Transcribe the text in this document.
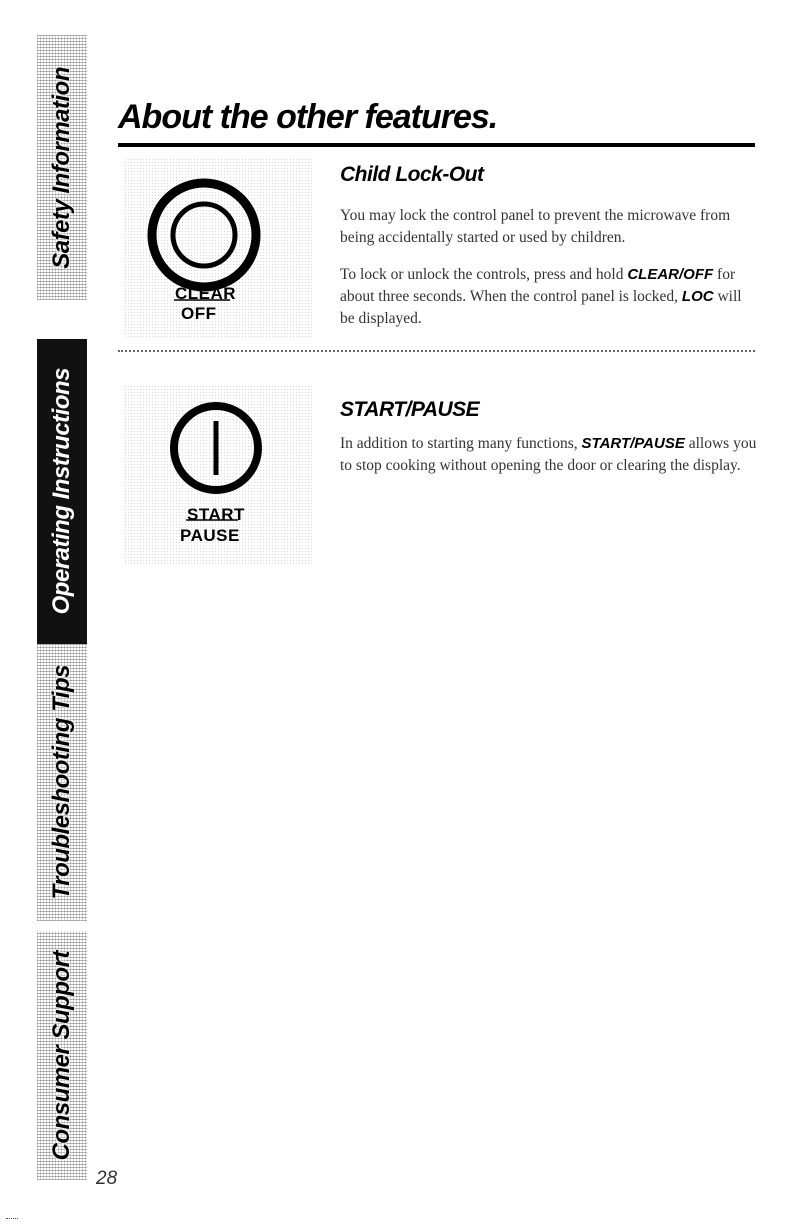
Safety Information
Operating Instructions
Troubleshooting Tips
Consumer Support
About the other features.
CLEAR
OFF
Child Lock-Out

You may lock the control panel to prevent the microwave from being accidentally started or used by children.

To lock or unlock the controls, press and hold CLEAR/OFF for about three seconds. When the control panel is locked, LOC will be displayed.

START
PAUSE
START/PAUSE

In addition to starting many functions, START/PAUSE allows you to stop cooking without opening the door or clearing the display.

28
